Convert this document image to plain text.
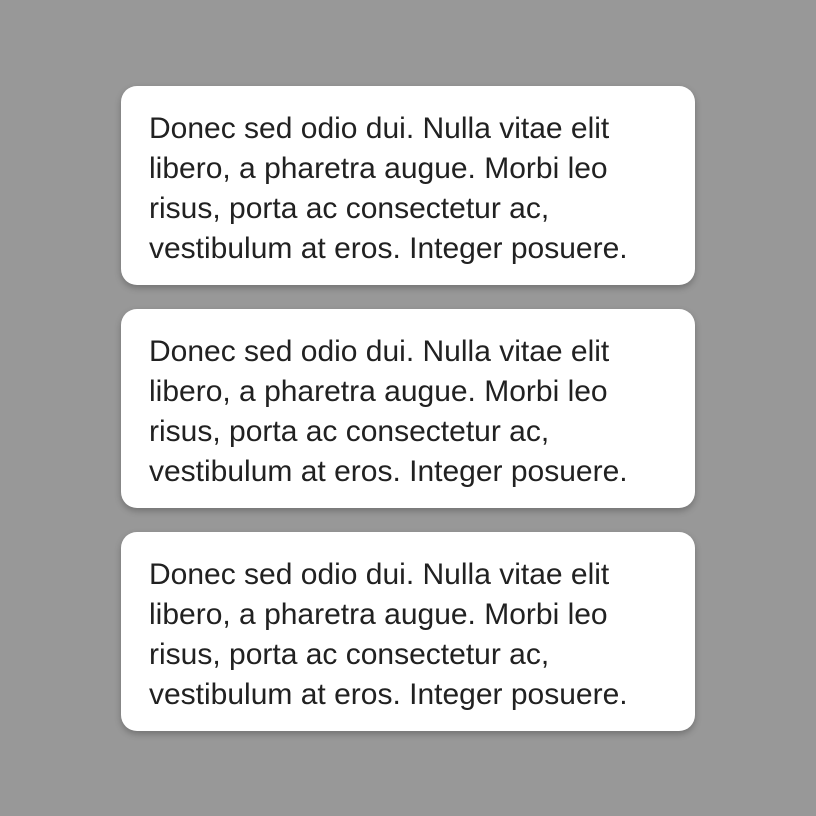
Donec sed odio dui. Nulla vitae elit libero, a pharetra augue. Morbi leo risus, porta ac consectetur ac, vestibulum at eros. Integer posuere.

Donec sed odio dui. Nulla vitae elit libero, a pharetra augue. Morbi leo risus, porta ac consectetur ac, vestibulum at eros. Integer posuere.

Donec sed odio dui. Nulla vitae elit libero, a pharetra augue. Morbi leo risus, porta ac consectetur ac, vestibulum at eros. Integer posuere.
